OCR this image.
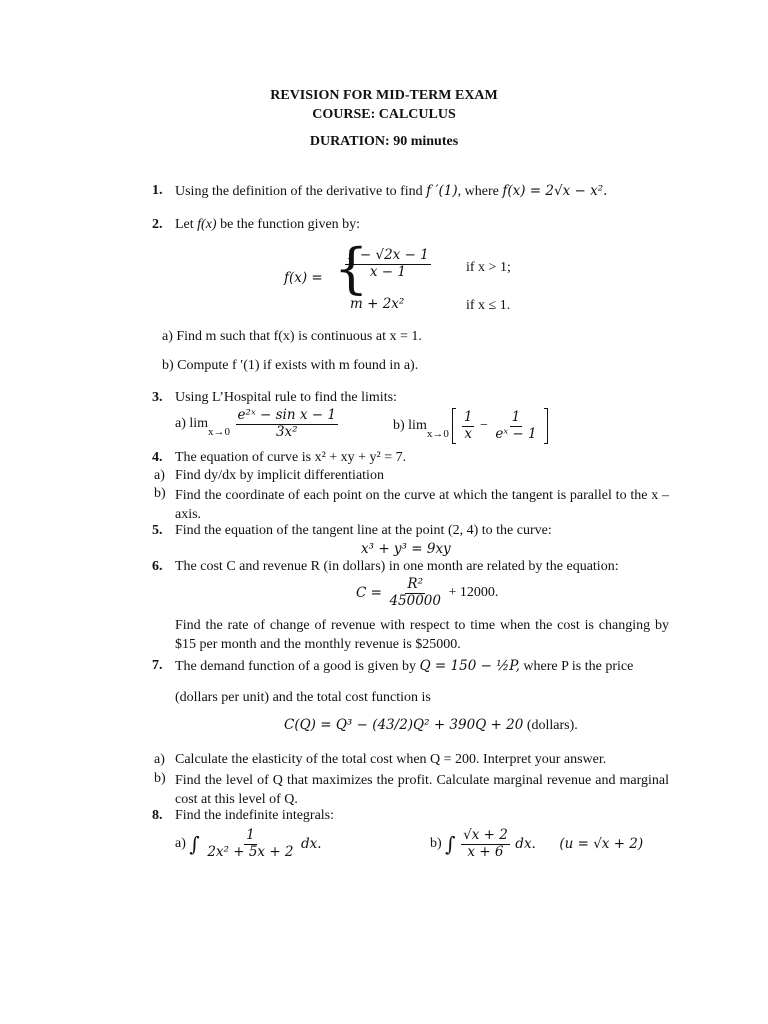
REVISION FOR MID-TERM EXAM
COURSE: CALCULUS
DURATION: 90 minutes
1. Using the definition of the derivative to find f ′(1), where f(x) = 2√x − x².
2. Let f(x) be the function given by:
f(x) = {
$\frac{1 - √2x - 1}{x - 1}$	if x > 1;
m + 2x²	if x ≤ 1.
a) Find m such that f(x) is continuous at x = 1.
b) Compute f ′(1) if exists with m found in a).
3. Using L’Hospital rule to find the limits:
a) $\lim_{x\to 0} \frac{\text{e²ˣ − sin x − 1}}{\text{3x²}}$	b) $\lim_{x\to 0} \frac{1}{x} - \frac{1}{\text{eˣ − 1}}$

4. The equation of curve is x² + xy + y² = 7.
a) Find dy/dx by implicit differentiation
b) Find the coordinate of each point on the curve at which the tangent is parallel to the x – axis.
5. Find the equation of the tangent line at the point (2, 4) to the curve:
x³ + y³ = 9xy
6. The cost C and revenue R (in dollars) in one month are related by the equation:
$C = \frac{\text{R²}}{450000} + 12000$.
Find the rate of change of revenue with respect to time when the cost is changing by $15 per month and the monthly revenue is $25000.
7. The demand function of a good is given by Q = 150 − ½P, where P is the price
(dollars per unit) and the total cost function is
C(Q) = Q³ − (43/2)Q² + 390Q + 20 (dollars).
a) Calculate the elasticity of the total cost when Q = 200. Interpret your answer.
b) Find the level of Q that maximizes the profit. Calculate marginal revenue and marginal cost at this level of Q.
8. Find the indefinite integrals:
a) ∫ $\frac{1}{\text{2x² + 5x + 2}}$ dx.	b) ∫ $\frac{√x + 2}{x + 6}$ dx. (u = √x + 2)
